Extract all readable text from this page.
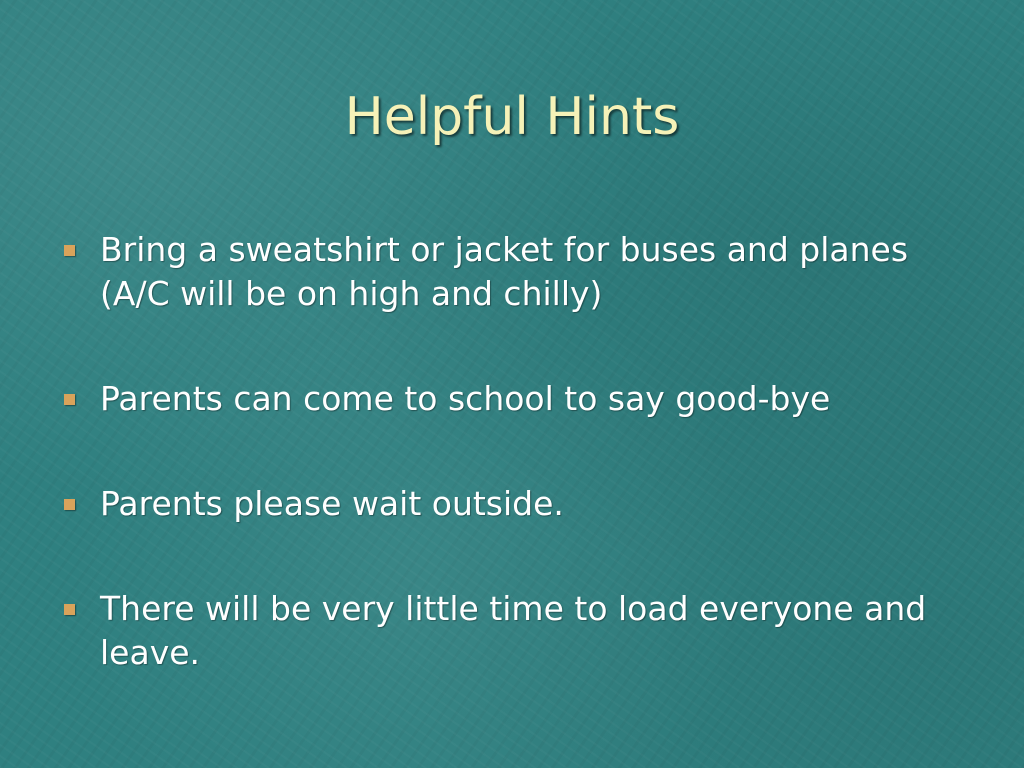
Helpful Hints
Bring a sweatshirt or jacket for buses and planes (A/C will be on high and chilly)
Parents can come to school to say good-bye
Parents please wait outside.
There will be very little time to load everyone and leave.
